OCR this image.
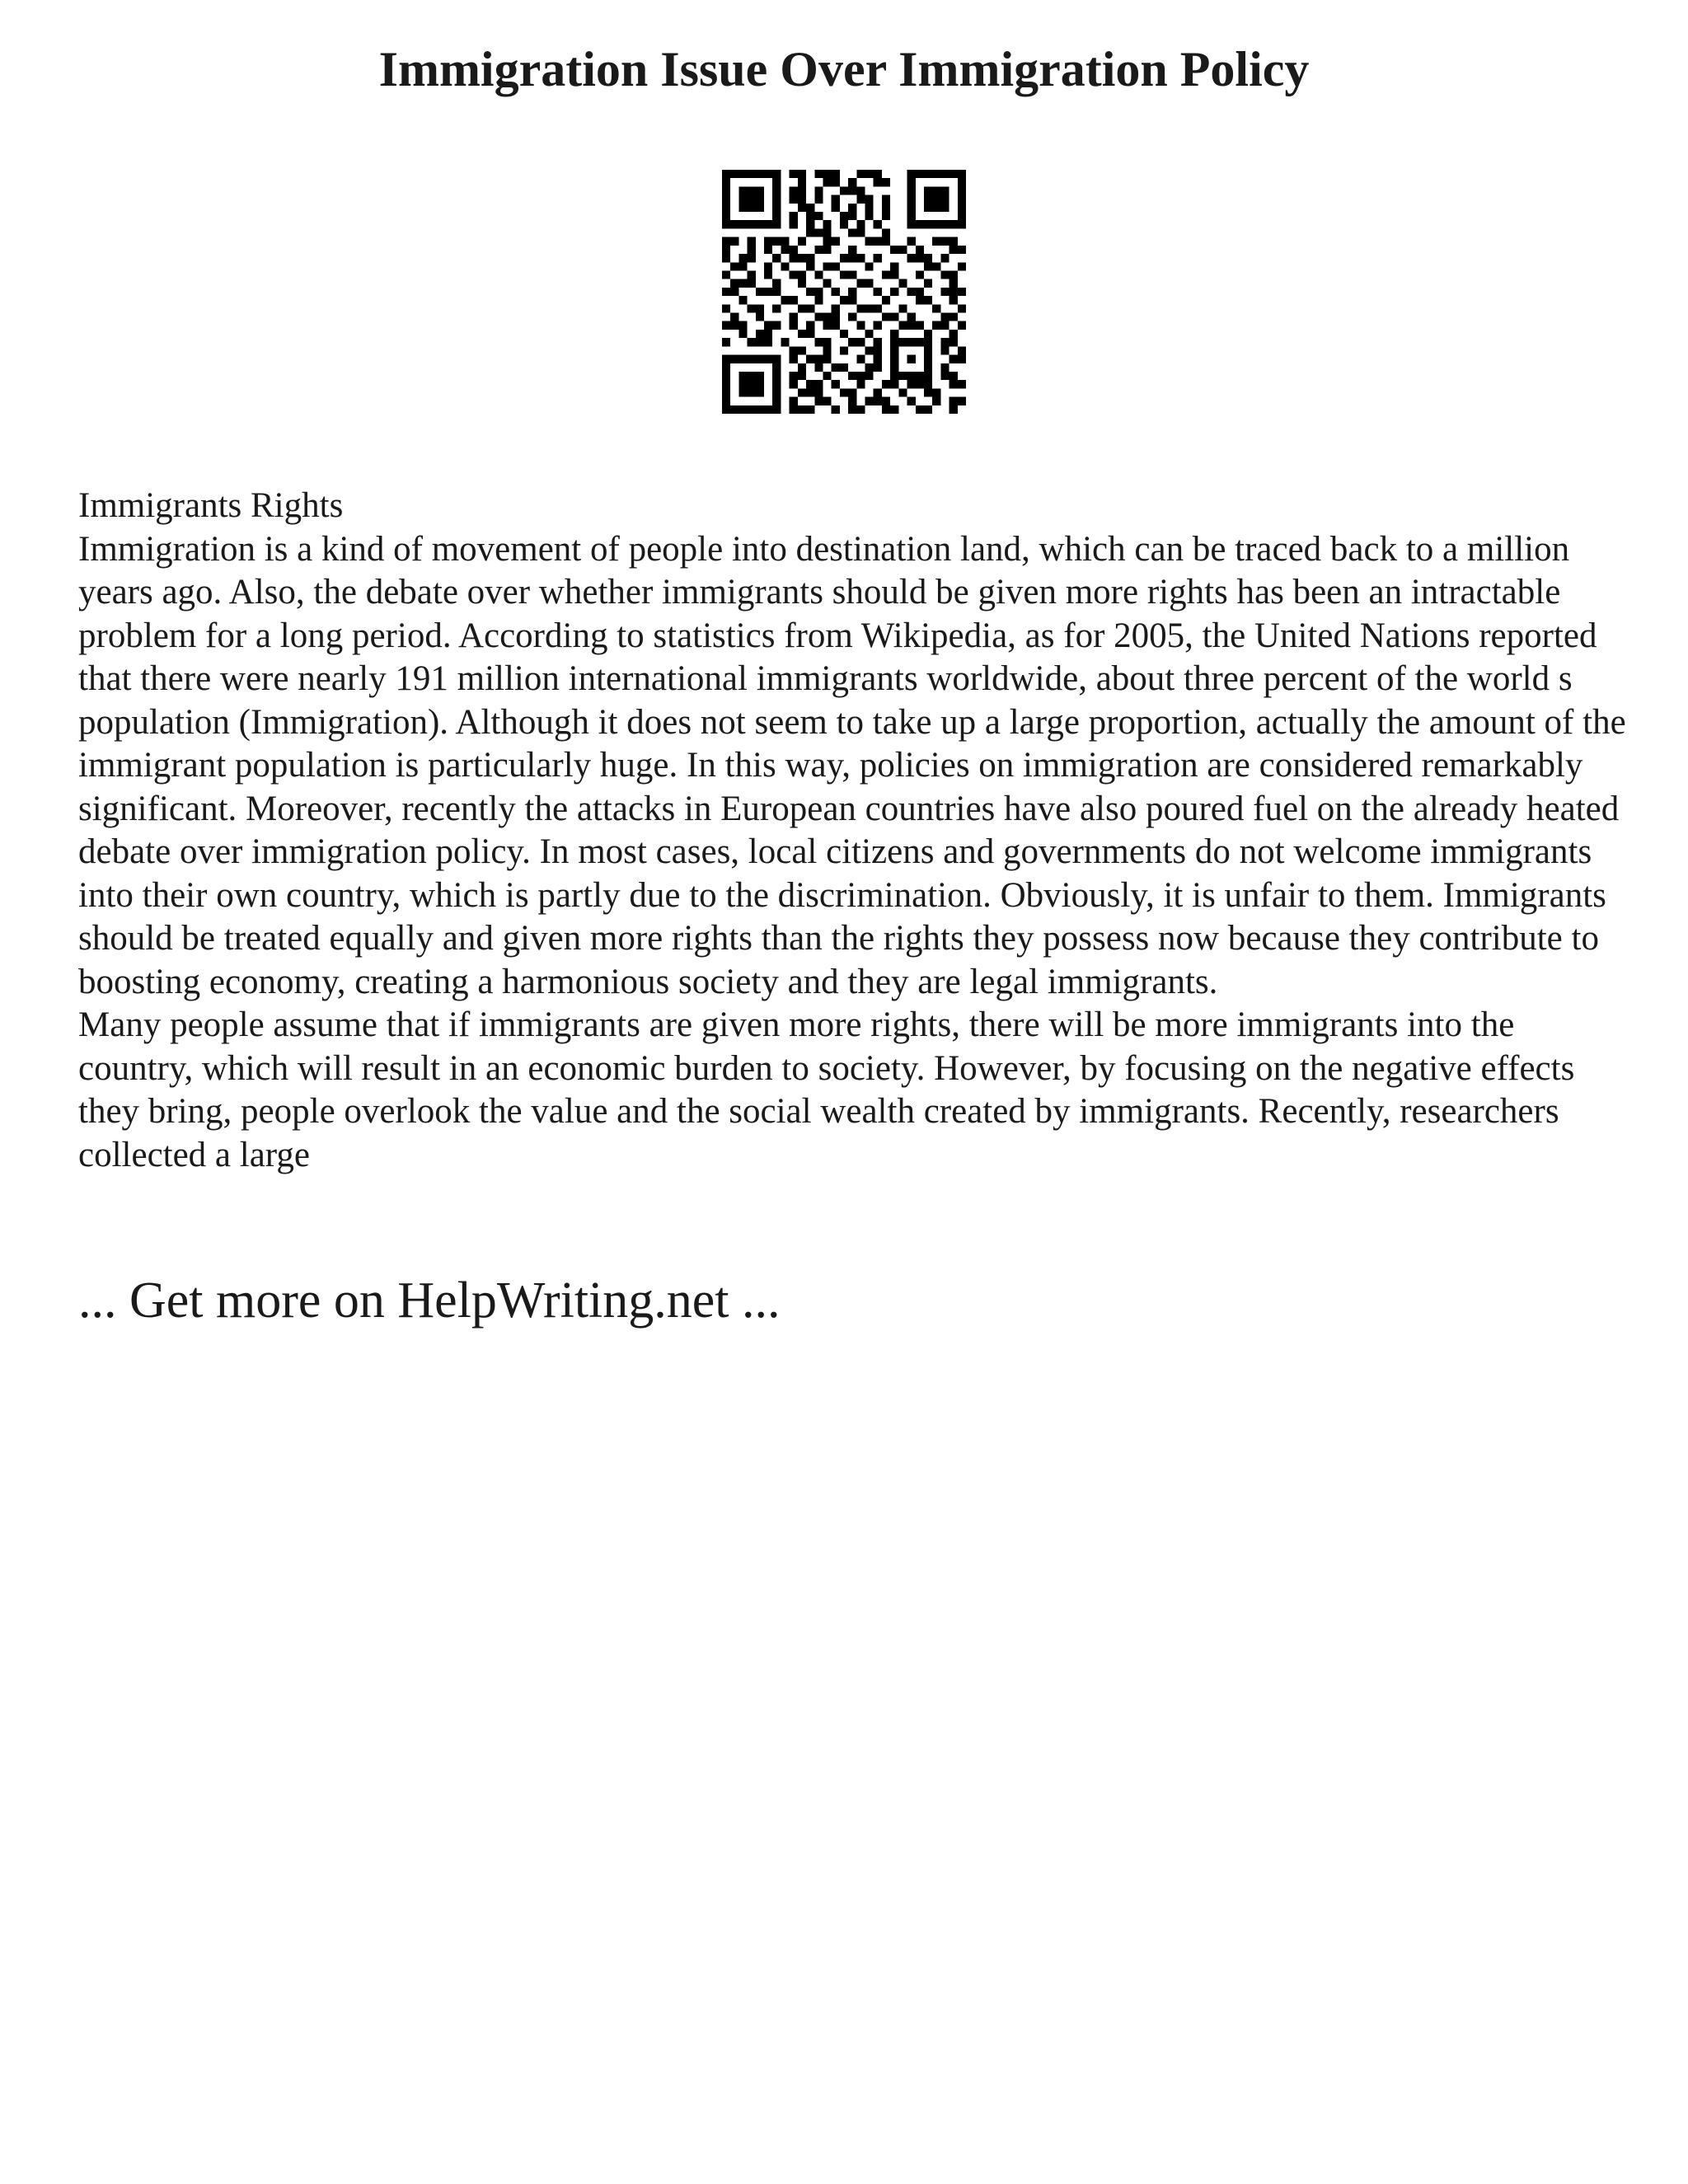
Immigration Issue Over Immigration Policy

Immigrants Rights

Immigration is a kind of movement of people into destination land, which can be traced back to a million years ago. Also, the debate over whether immigrants should be given more rights has been an intractable problem for a long period. According to statistics from Wikipedia, as for 2005, the United Nations reported that there were nearly 191 million international immigrants worldwide, about three percent of the world s population (Immigration). Although it does not seem to take up a large proportion, actually the amount of the immigrant population is particularly huge. In this way, policies on immigration are considered remarkably significant. Moreover, recently the attacks in European countries have also poured fuel on the already heated debate over immigration policy. In most cases, local citizens and governments do not welcome immigrants into their own country, which is partly due to the discrimination. Obviously, it is unfair to them. Immigrants should be treated equally and given more rights than the rights they possess now because they contribute to boosting economy, creating a harmonious society and they are legal immigrants.

Many people assume that if immigrants are given more rights, there will be more immigrants into the country, which will result in an economic burden to society. However, by focusing on the negative effects they bring, people overlook the value and the social wealth created by immigrants. Recently, researchers collected a large

... Get more on HelpWriting.net ...
